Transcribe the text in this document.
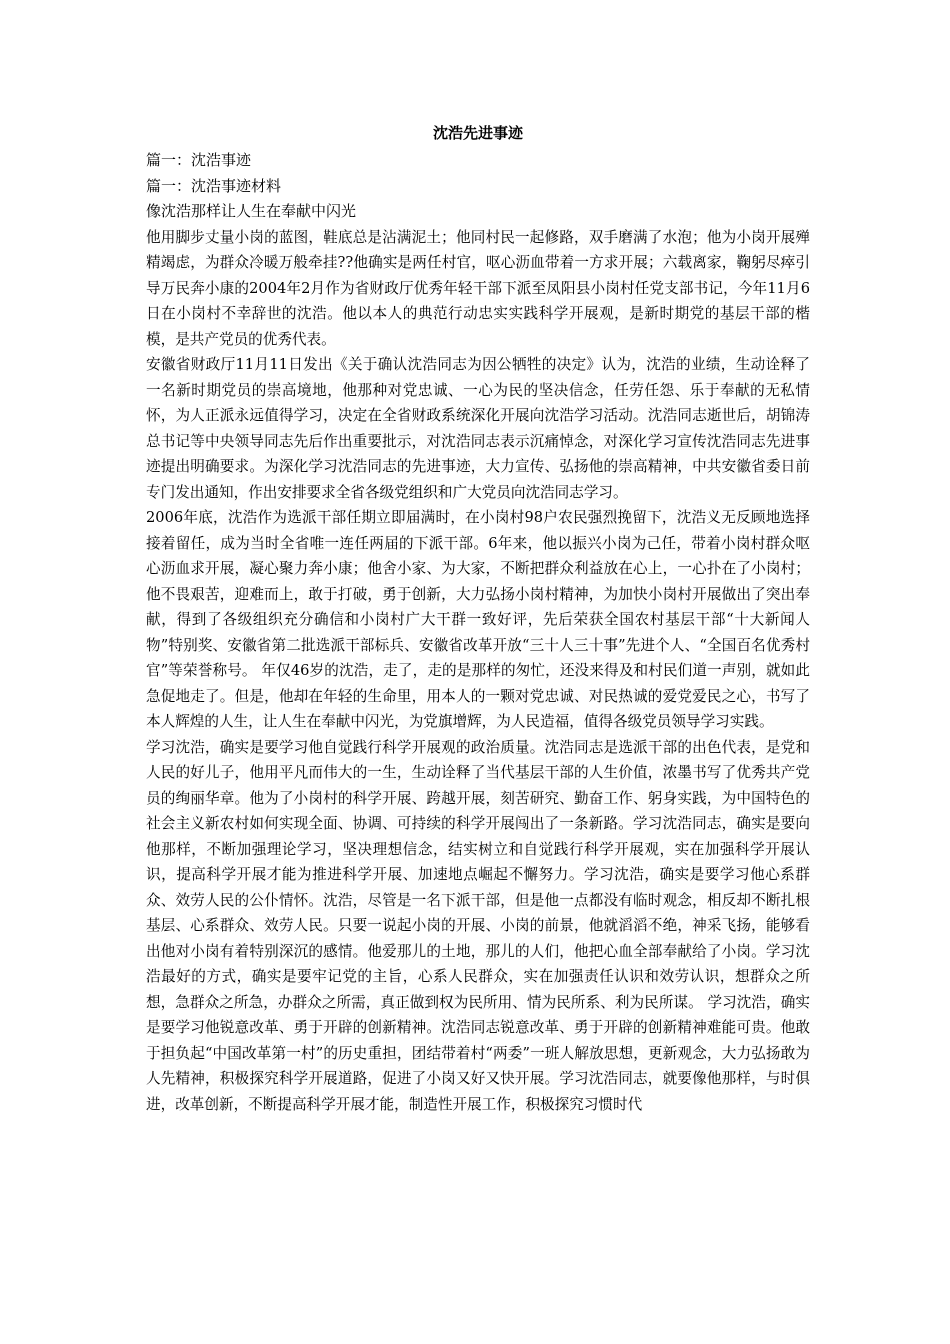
沈浩先进事迹

篇一：沈浩事迹

篇一：沈浩事迹材料

像沈浩那样让人生在奉献中闪光

他用脚步丈量小岗的蓝图，鞋底总是沾满泥土；他同村民一起修路，双手磨满了水泡；他为小岗开展殚精竭虑，为群众冷暖万般牵挂??他确实是两任村官，呕心沥血带着一方求开展；六载离家，鞠躬尽瘁引导万民奔小康的2004年2月作为省财政厅优秀年轻干部下派至凤阳县小岗村任党支部书记，今年11月6日在小岗村不幸辞世的沈浩。他以本人的典范行动忠实实践科学开展观，是新时期党的基层干部的楷模，是共产党员的优秀代表。

安徽省财政厅11月11日发出《关于确认沈浩同志为因公牺牲的决定》认为，沈浩的业绩，生动诠释了一名新时期党员的崇高境地，他那种对党忠诚、一心为民的坚决信念，任劳任怨、乐于奉献的无私情怀，为人正派永远值得学习，决定在全省财政系统深化开展向沈浩学习活动。沈浩同志逝世后，胡锦涛总书记等中央领导同志先后作出重要批示，对沈浩同志表示沉痛悼念，对深化学习宣传沈浩同志先进事迹提出明确要求。为深化学习沈浩同志的先进事迹，大力宣传、弘扬他的崇高精神，中共安徽省委日前专门发出通知，作出安排要求全省各级党组织和广大党员向沈浩同志学习。

2006年底，沈浩作为选派干部任期立即届满时，在小岗村98户农民强烈挽留下，沈浩义无反顾地选择接着留任，成为当时全省唯一连任两届的下派干部。6年来，他以振兴小岗为己任，带着小岗村群众呕心沥血求开展，凝心聚力奔小康；他舍小家、为大家，不断把群众利益放在心上，一心扑在了小岗村；他不畏艰苦，迎难而上，敢于打破，勇于创新，大力弘扬小岗村精神，为加快小岗村开展做出了突出奉献，得到了各级组织充分确信和小岗村广大干群一致好评，先后荣获全国农村基层干部“十大新闻人物”特别奖、安徽省第二批选派干部标兵、安徽省改革开放“三十人三十事”先进个人、“全国百名优秀村官”等荣誉称号。 年仅46岁的沈浩，走了，走的是那样的匆忙，还没来得及和村民们道一声别，就如此急促地走了。但是，他却在年轻的生命里，用本人的一颗对党忠诚、对民热诚的爱党爱民之心，书写了本人辉煌的人生，让人生在奉献中闪光，为党旗增辉，为人民造福，值得各级党员领导学习实践。

学习沈浩，确实是要学习他自觉践行科学开展观的政治质量。沈浩同志是选派干部的出色代表，是党和人民的好儿子，他用平凡而伟大的一生，生动诠释了当代基层干部的人生价值，浓墨书写了优秀共产党员的绚丽华章。他为了小岗村的科学开展、跨越开展，刻苦研究、勤奋工作、躬身实践，为中国特色的社会主义新农村如何实现全面、协调、可持续的科学开展闯出了一条新路。学习沈浩同志，确实是要向他那样，不断加强理论学习，坚决理想信念，结实树立和自觉践行科学开展观，实在加强科学开展认识，提高科学开展才能为推进科学开展、加速地点崛起不懈努力。学习沈浩，确实是要学习他心系群众、效劳人民的公仆情怀。沈浩，尽管是一名下派干部，但是他一点都没有临时观念，相反却不断扎根基层、心系群众、效劳人民。只要一说起小岗的开展、小岗的前景，他就滔滔不绝，神采飞扬，能够看出他对小岗有着特别深沉的感情。他爱那儿的土地，那儿的人们，他把心血全部奉献给了小岗。学习沈浩最好的方式，确实是要牢记党的主旨，心系人民群众，实在加强责任认识和效劳认识，想群众之所想，急群众之所急，办群众之所需，真正做到权为民所用、情为民所系、利为民所谋。 学习沈浩，确实是要学习他锐意改革、勇于开辟的创新精神。沈浩同志锐意改革、勇于开辟的创新精神难能可贵。他敢于担负起“中国改革第一村”的历史重担，团结带着村“两委”一班人解放思想，更新观念，大力弘扬敢为人先精神，积极探究科学开展道路，促进了小岗又好又快开展。学习沈浩同志，就要像他那样，与时俱进，改革创新，不断提高科学开展才能，制造性开展工作，积极探究习惯时代
